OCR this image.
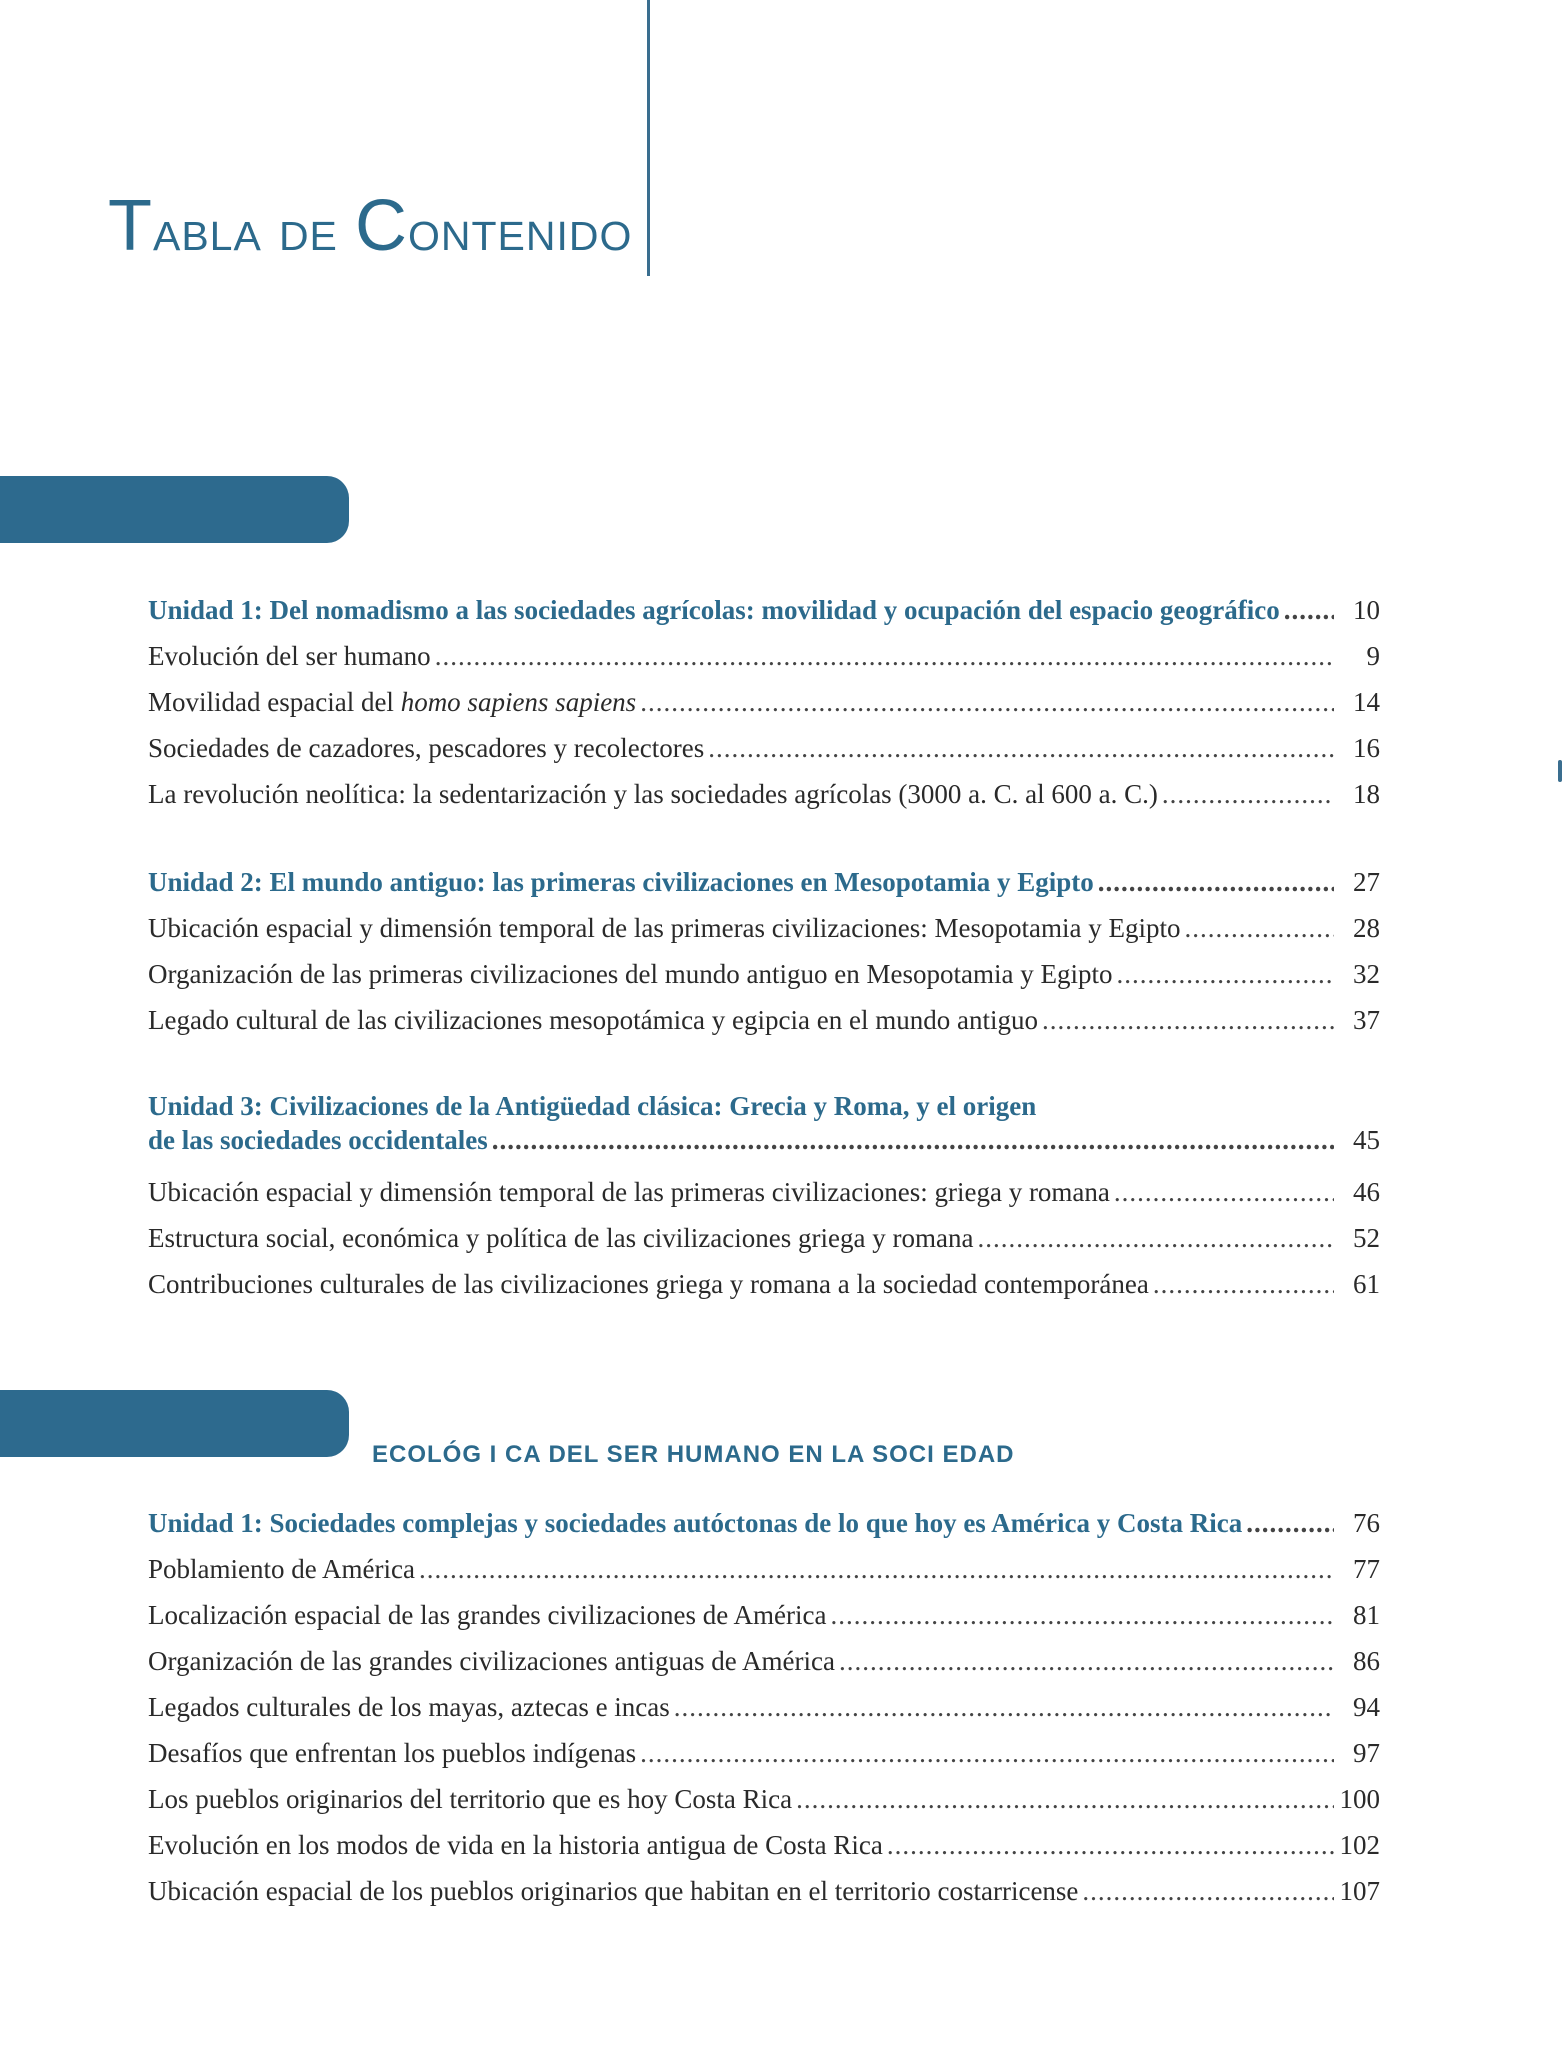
Tabla de Contenido
Unidad 1: Del nomadismo a las sociedades agrícolas: movilidad y ocupación del espacio geográfico .....	10
Evolución del ser humano .....	9
Movilidad espacial del homo sapiens sapiens .....	14
Sociedades de cazadores, pescadores y recolectores .....	16
La revolución neolítica: la sedentarización y las sociedades agrícolas (3000 a. C. al 600 a. C.) .....	18
Unidad 2: El mundo antiguo: las primeras civilizaciones en Mesopotamia y Egipto .....	27
Ubicación espacial y dimensión temporal de las primeras civilizaciones: Mesopotamia y Egipto .....	28
Organización de las primeras civilizaciones del mundo antiguo en Mesopotamia y Egipto .....	32
Legado cultural de las civilizaciones mesopotámica y egipcia en el mundo antiguo .....	37
Unidad 3: Civilizaciones de la Antigüedad clásica: Grecia y Roma, y el origen
de las sociedades occidentales .....	45
Ubicación espacial y dimensión temporal de las primeras civilizaciones: griega y romana .....	46
Estructura social, económica y política de las civilizaciones griega y romana .....	52
Contribuciones culturales de las civilizaciones griega y romana a la sociedad contemporánea .....	61
ECOLÓG I CA DEL SER HUMANO EN LA SOCI EDAD
Unidad 1: Sociedades complejas y sociedades autóctonas de lo que hoy es América y Costa Rica .....	76
Poblamiento de América .....	77
Localización espacial de las grandes civilizaciones de América .....	81
Organización de las grandes civilizaciones antiguas de América .....	86
Legados culturales de los mayas, aztecas e incas .....	94
Desafíos que enfrentan los pueblos indígenas .....	97
Los pueblos originarios del territorio que es hoy Costa Rica .....	100
Evolución en los modos de vida en la historia antigua de Costa Rica .....	102
Ubicación espacial de los pueblos originarios que habitan en el territorio costarricense .....	107
